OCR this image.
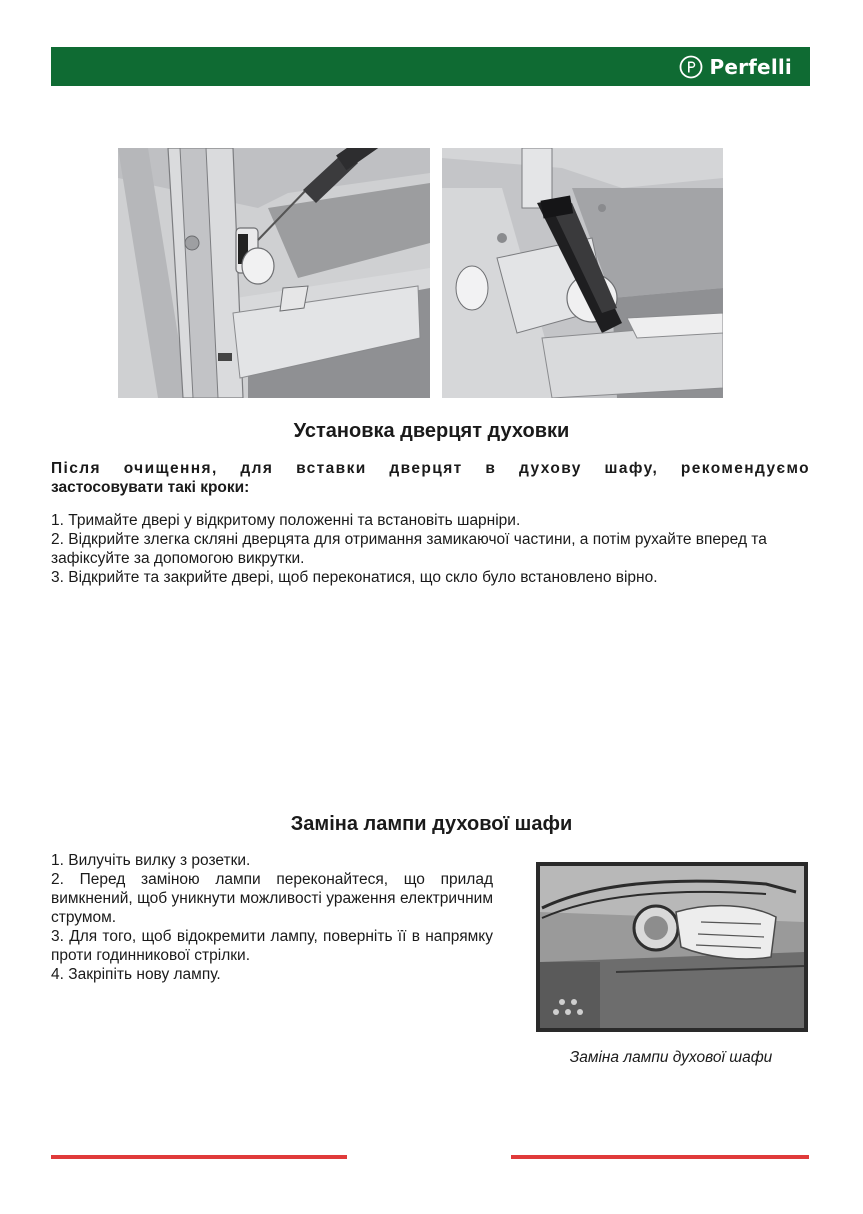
Perfelli
Установка дверцят духовки

Після очищення, для вставки дверцят в духову шафу, рекомендуємо
застосовувати такі кроки:

1. Тримайте двері у відкритому положенні та встановіть шарніри.
2. Відкрийте злегка скляні дверцята для отримання замикаючої частини, а потім рухайте вперед та зафіксуйте за допомогою викрутки.
3. Відкрийте та закрийте двері, щоб переконатися, що скло було встановлено вірно.
Заміна лампи духової шафи
1. Вилучіть вилку з розетки.
2. Перед заміною лампи переконайтеся, що прилад вимкнений, щоб уникнути можливості ураження електричним струмом.
3. Для того, щоб відокремити лампу, поверніть її в напрямку проти годинникової стрілки.
4. Закріпіть нову лампу.

Заміна лампи духової шафи
